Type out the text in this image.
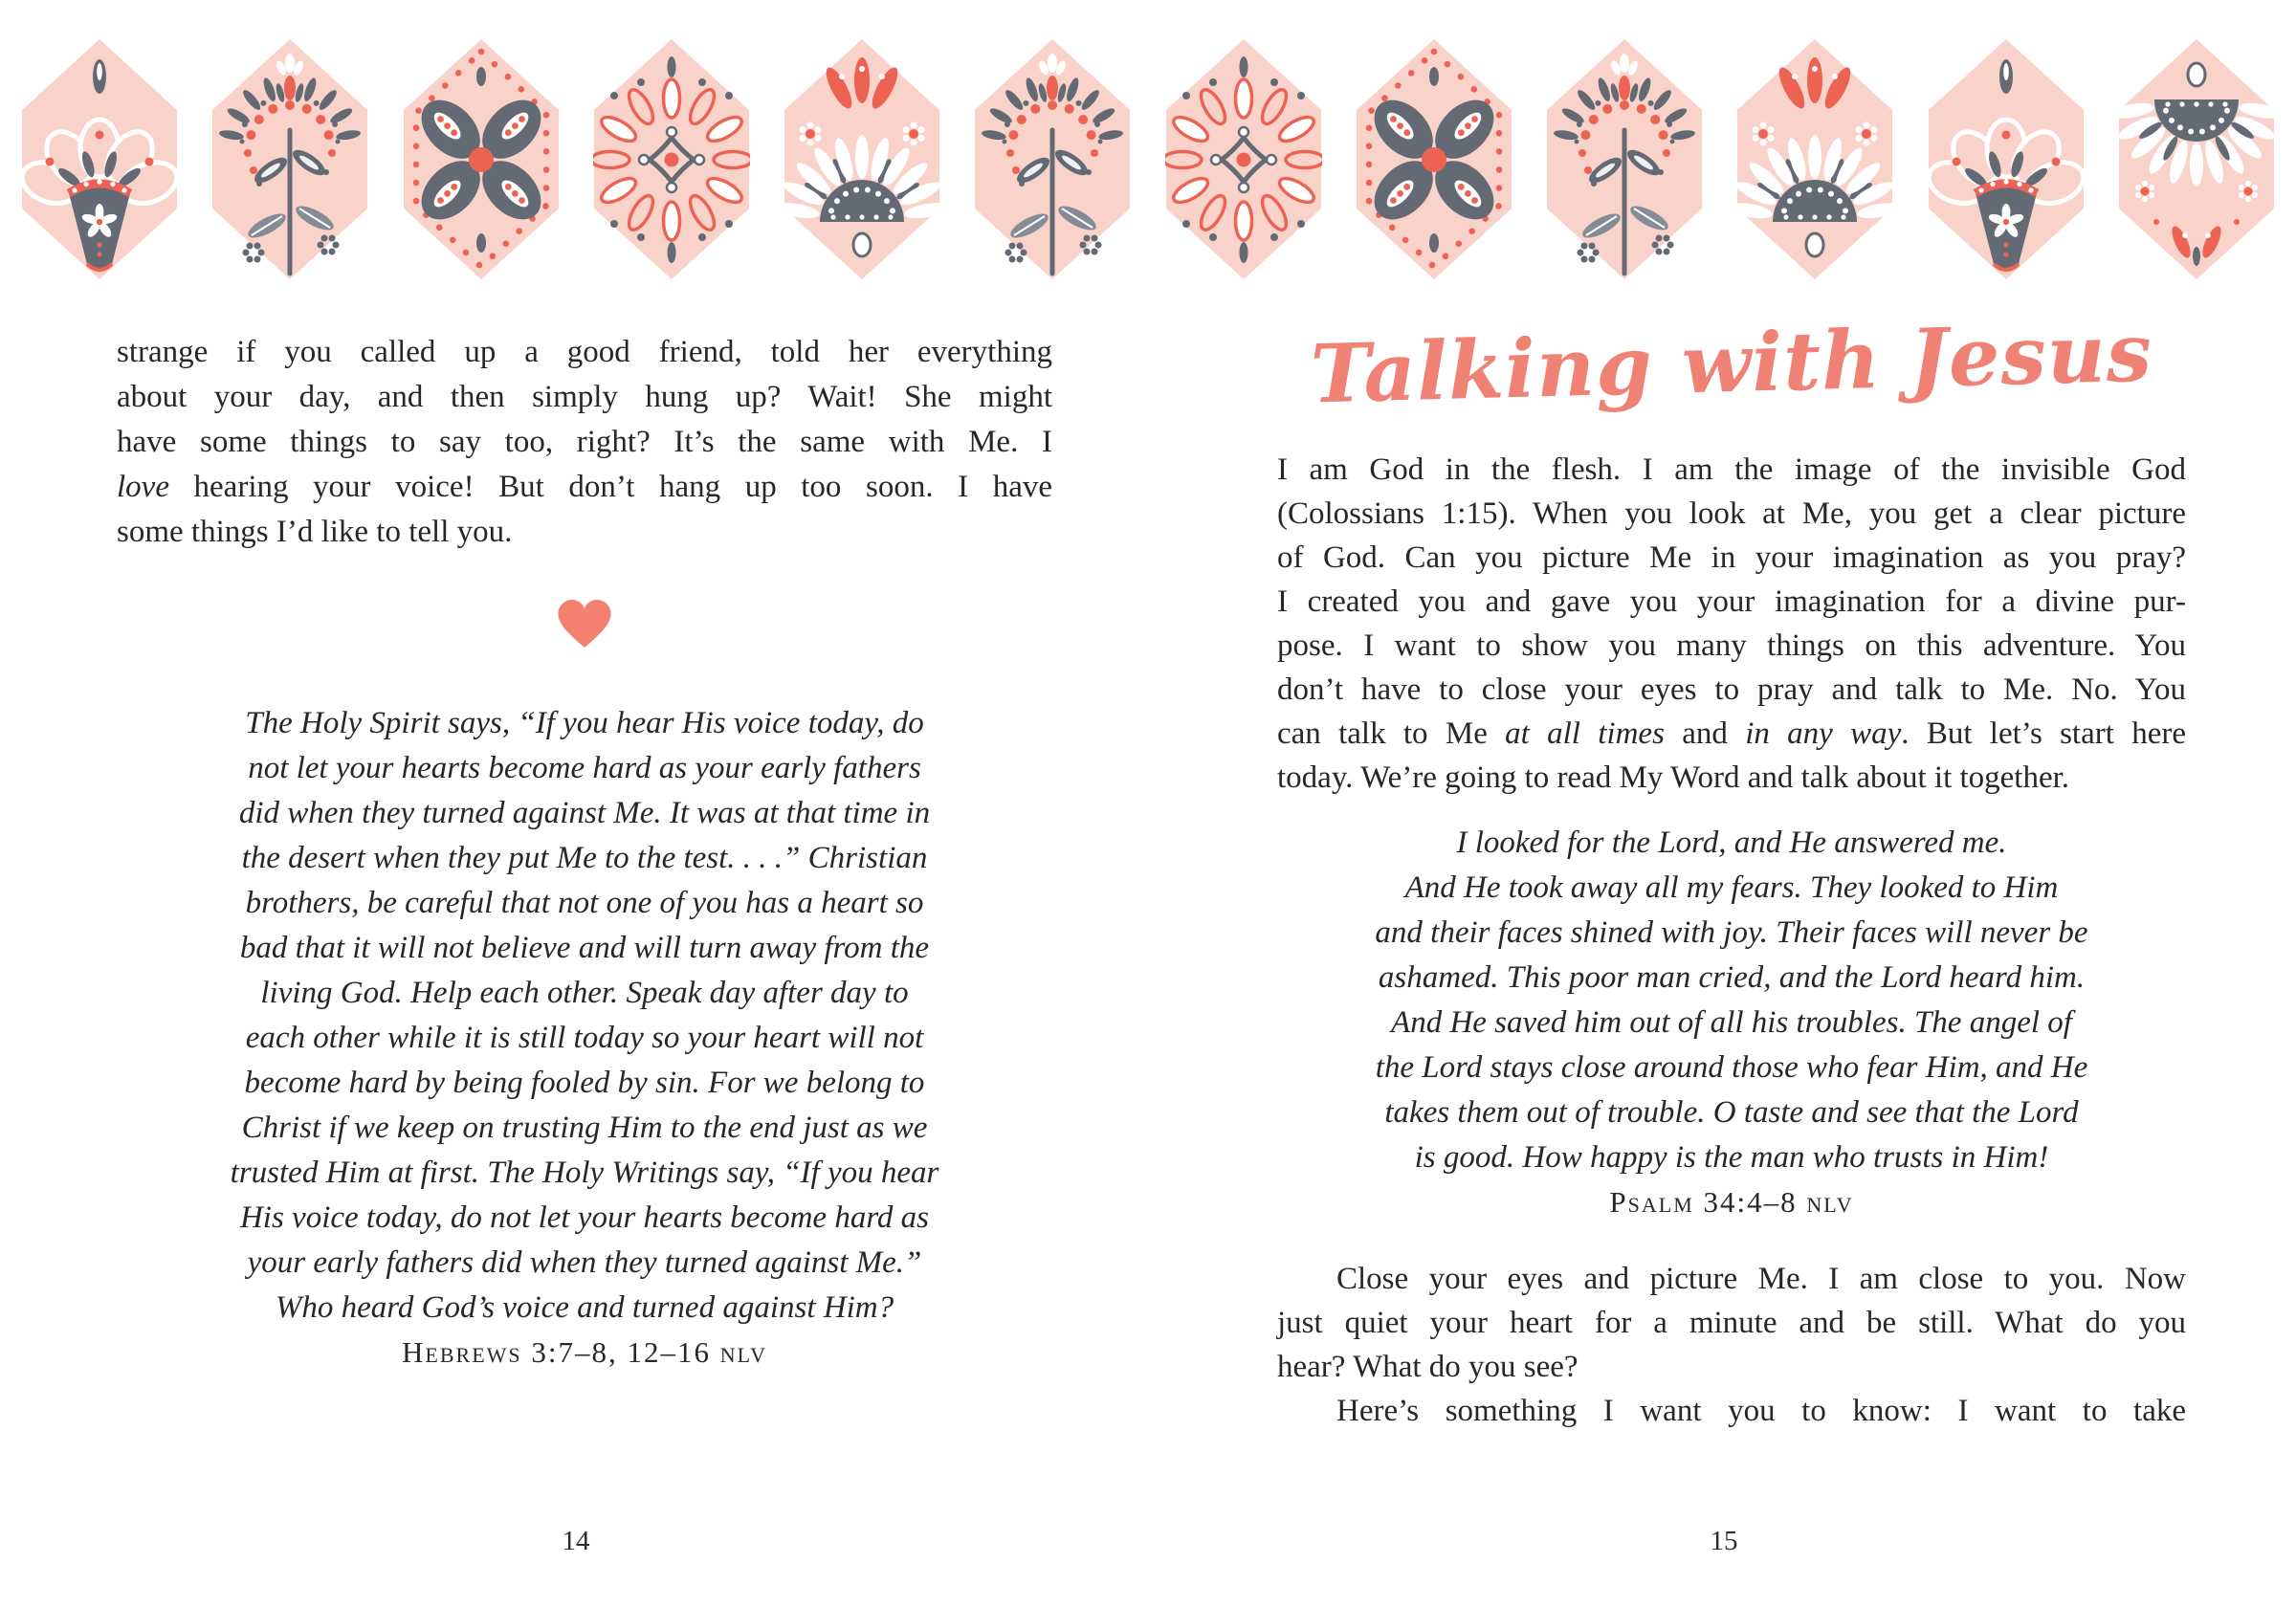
strange if you called up a good friend, told her everything
about your day, and then simply hung up? Wait! She might
have some things to say too, right? It’s the same with Me. I
love hearing your voice! But don’t hang up too soon. I have
some things I’d like to tell you.
The Holy Spirit says, “If you hear His voice today, do
not let your hearts become hard as your early fathers
did when they turned against Me. It was at that time in
the desert when they put Me to the test. . . .” Christian
brothers, be careful that not one of you has a heart so
bad that it will not believe and will turn away from the
living God. Help each other. Speak day after day to
each other while it is still today so your heart will not
become hard by being fooled by sin. For we belong to
Christ if we keep on trusting Him to the end just as we
trusted Him at first. The Holy Writings say, “If you hear
His voice today, do not let your hearts become hard as
your early fathers did when they turned against Me.”
Who heard God’s voice and turned against Him?
Hebrews 3:7–8, 12–16 nlv
14
Talking with Jesus
I am God in the flesh. I am the image of the invisible God
(Colossians 1:15). When you look at Me, you get a clear picture
of God. Can you picture Me in your imagination as you pray?
I created you and gave you your imagination for a divine pur-
pose. I want to show you many things on this adventure. You
don’t have to close your eyes to pray and talk to Me. No. You
can talk to Me at all times and in any way. But let’s start here
today. We’re going to read My Word and talk about it together.
I looked for the Lord, and He answered me.
And He took away all my fears. They looked to Him
and their faces shined with joy. Their faces will never be
ashamed. This poor man cried, and the Lord heard him.
And He saved him out of all his troubles. The angel of
the Lord stays close around those who fear Him, and He
takes them out of trouble. O taste and see that the Lord
is good. How happy is the man who trusts in Him!
Psalm 34:4–8 nlv
Close your eyes and picture Me. I am close to you. Now
just quiet your heart for a minute and be still. What do you
hear? What do you see?
Here’s something I want you to know: I want to take
15
